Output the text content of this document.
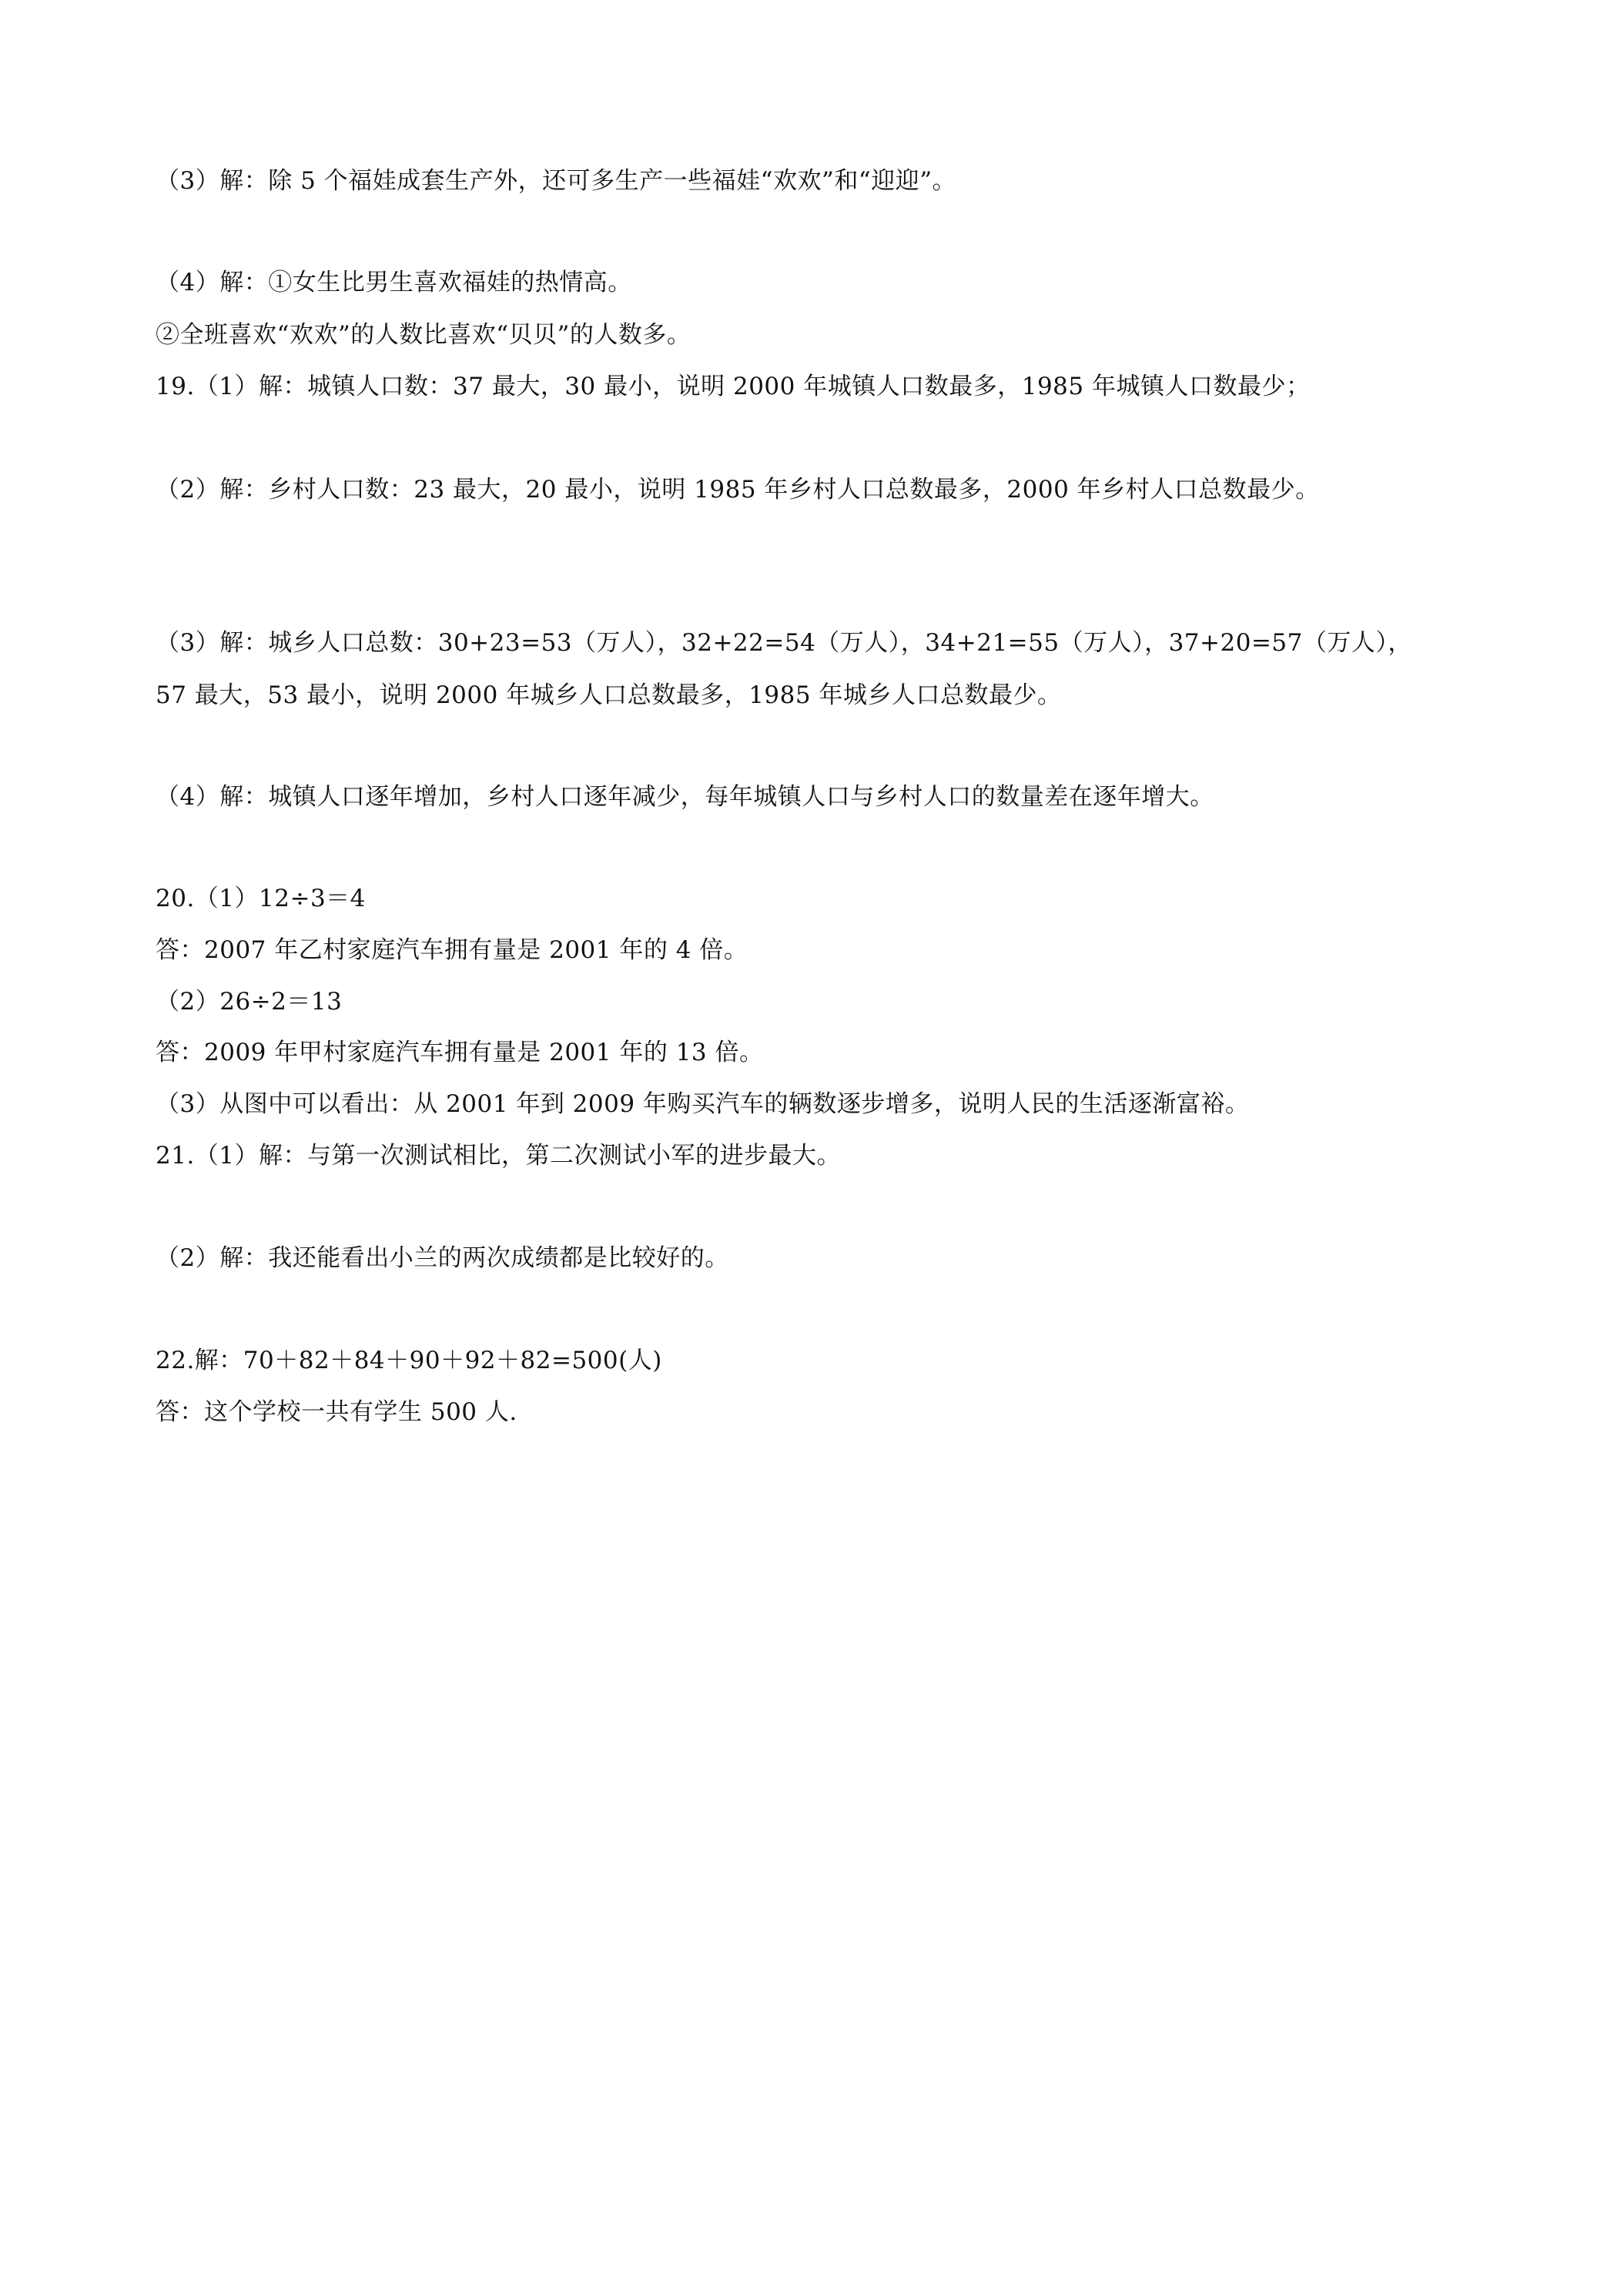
（3）解：除 5 个福娃成套生产外，还可多生产一些福娃“欢欢”和“迎迎”。
（4）解：①女生比男生喜欢福娃的热情高。
②全班喜欢“欢欢”的人数比喜欢“贝贝”的人数多。
19.（1）解：城镇人口数：37 最大，30 最小，说明 2000 年城镇人口数最多，1985 年城镇人口数最少；
（2）解：乡村人口数：23 最大，20 最小，说明 1985 年乡村人口总数最多，2000 年乡村人口总数最少。
（3）解：城乡人口总数：30+23=53（万人），32+22=54（万人），34+21=55（万人），37+20=57（万人），
57 最大，53 最小，说明 2000 年城乡人口总数最多，1985 年城乡人口总数最少。
（4）解：城镇人口逐年增加，乡村人口逐年减少，每年城镇人口与乡村人口的数量差在逐年增大。
20.（1）12÷3＝4
答：2007 年乙村家庭汽车拥有量是 2001 年的 4 倍。
（2）26÷2＝13
答：2009 年甲村家庭汽车拥有量是 2001 年的 13 倍。
（3）从图中可以看出：从 2001 年到 2009 年购买汽车的辆数逐步增多，说明人民的生活逐渐富裕。
21.（1）解：与第一次测试相比，第二次测试小军的进步最大。
（2）解：我还能看出小兰的两次成绩都是比较好的。
22.解：70＋82＋84＋90＋92＋82=500(人)
答：这个学校一共有学生 500 人.
